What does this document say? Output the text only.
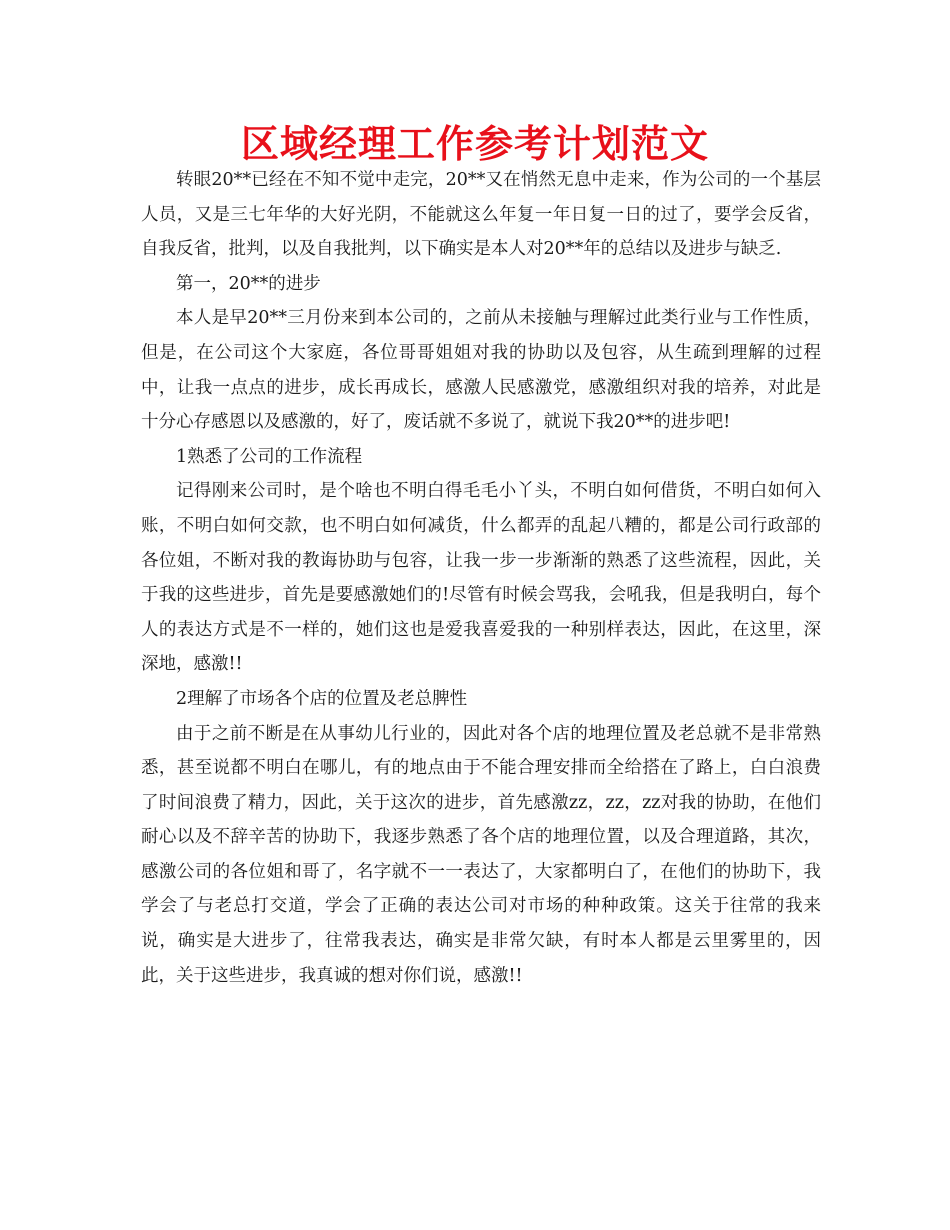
区域经理工作参考计划范文

转眼20**已经在不知不觉中走完，20**又在悄然无息中走来，作为公司的一个基层人员，又是三七年华的大好光阴，不能就这么年复一年日复一日的过了，要学会反省，自我反省，批判，以及自我批判，以下确实是本人对20**年的总结以及进步与缺乏.

第一，20**的进步

本人是早20**三月份来到本公司的，之前从未接触与理解过此类行业与工作性质，但是，在公司这个大家庭，各位哥哥姐姐对我的协助以及包容，从生疏到理解的过程中，让我一点点的进步，成长再成长，感激人民感激党，感激组织对我的培养，对此是十分心存感恩以及感激的，好了，废话就不多说了，就说下我20**的进步吧!

1熟悉了公司的工作流程

记得刚来公司时，是个啥也不明白得毛毛小丫头，不明白如何借货，不明白如何入账，不明白如何交款，也不明白如何减货，什么都弄的乱起八糟的，都是公司行政部的各位姐，不断对我的教诲协助与包容，让我一步一步渐渐的熟悉了这些流程，因此，关于我的这些进步，首先是要感激她们的!尽管有时候会骂我，会吼我，但是我明白，每个人的表达方式是不一样的，她们这也是爱我喜爱我的一种别样表达，因此，在这里，深深地，感激!!

2理解了市场各个店的位置及老总脾性

由于之前不断是在从事幼儿行业的，因此对各个店的地理位置及老总就不是非常熟悉，甚至说都不明白在哪儿，有的地点由于不能合理安排而全给搭在了路上，白白浪费了时间浪费了精力，因此，关于这次的进步，首先感激zz，zz，zz对我的协助，在他们耐心以及不辞辛苦的协助下，我逐步熟悉了各个店的地理位置，以及合理道路，其次，感激公司的各位姐和哥了，名字就不一一表达了，大家都明白了，在他们的协助下，我学会了与老总打交道，学会了正确的表达公司对市场的种种政策。这关于往常的我来说，确实是大进步了，往常我表达，确实是非常欠缺，有时本人都是云里雾里的，因此，关于这些进步，我真诚的想对你们说，感激!!
